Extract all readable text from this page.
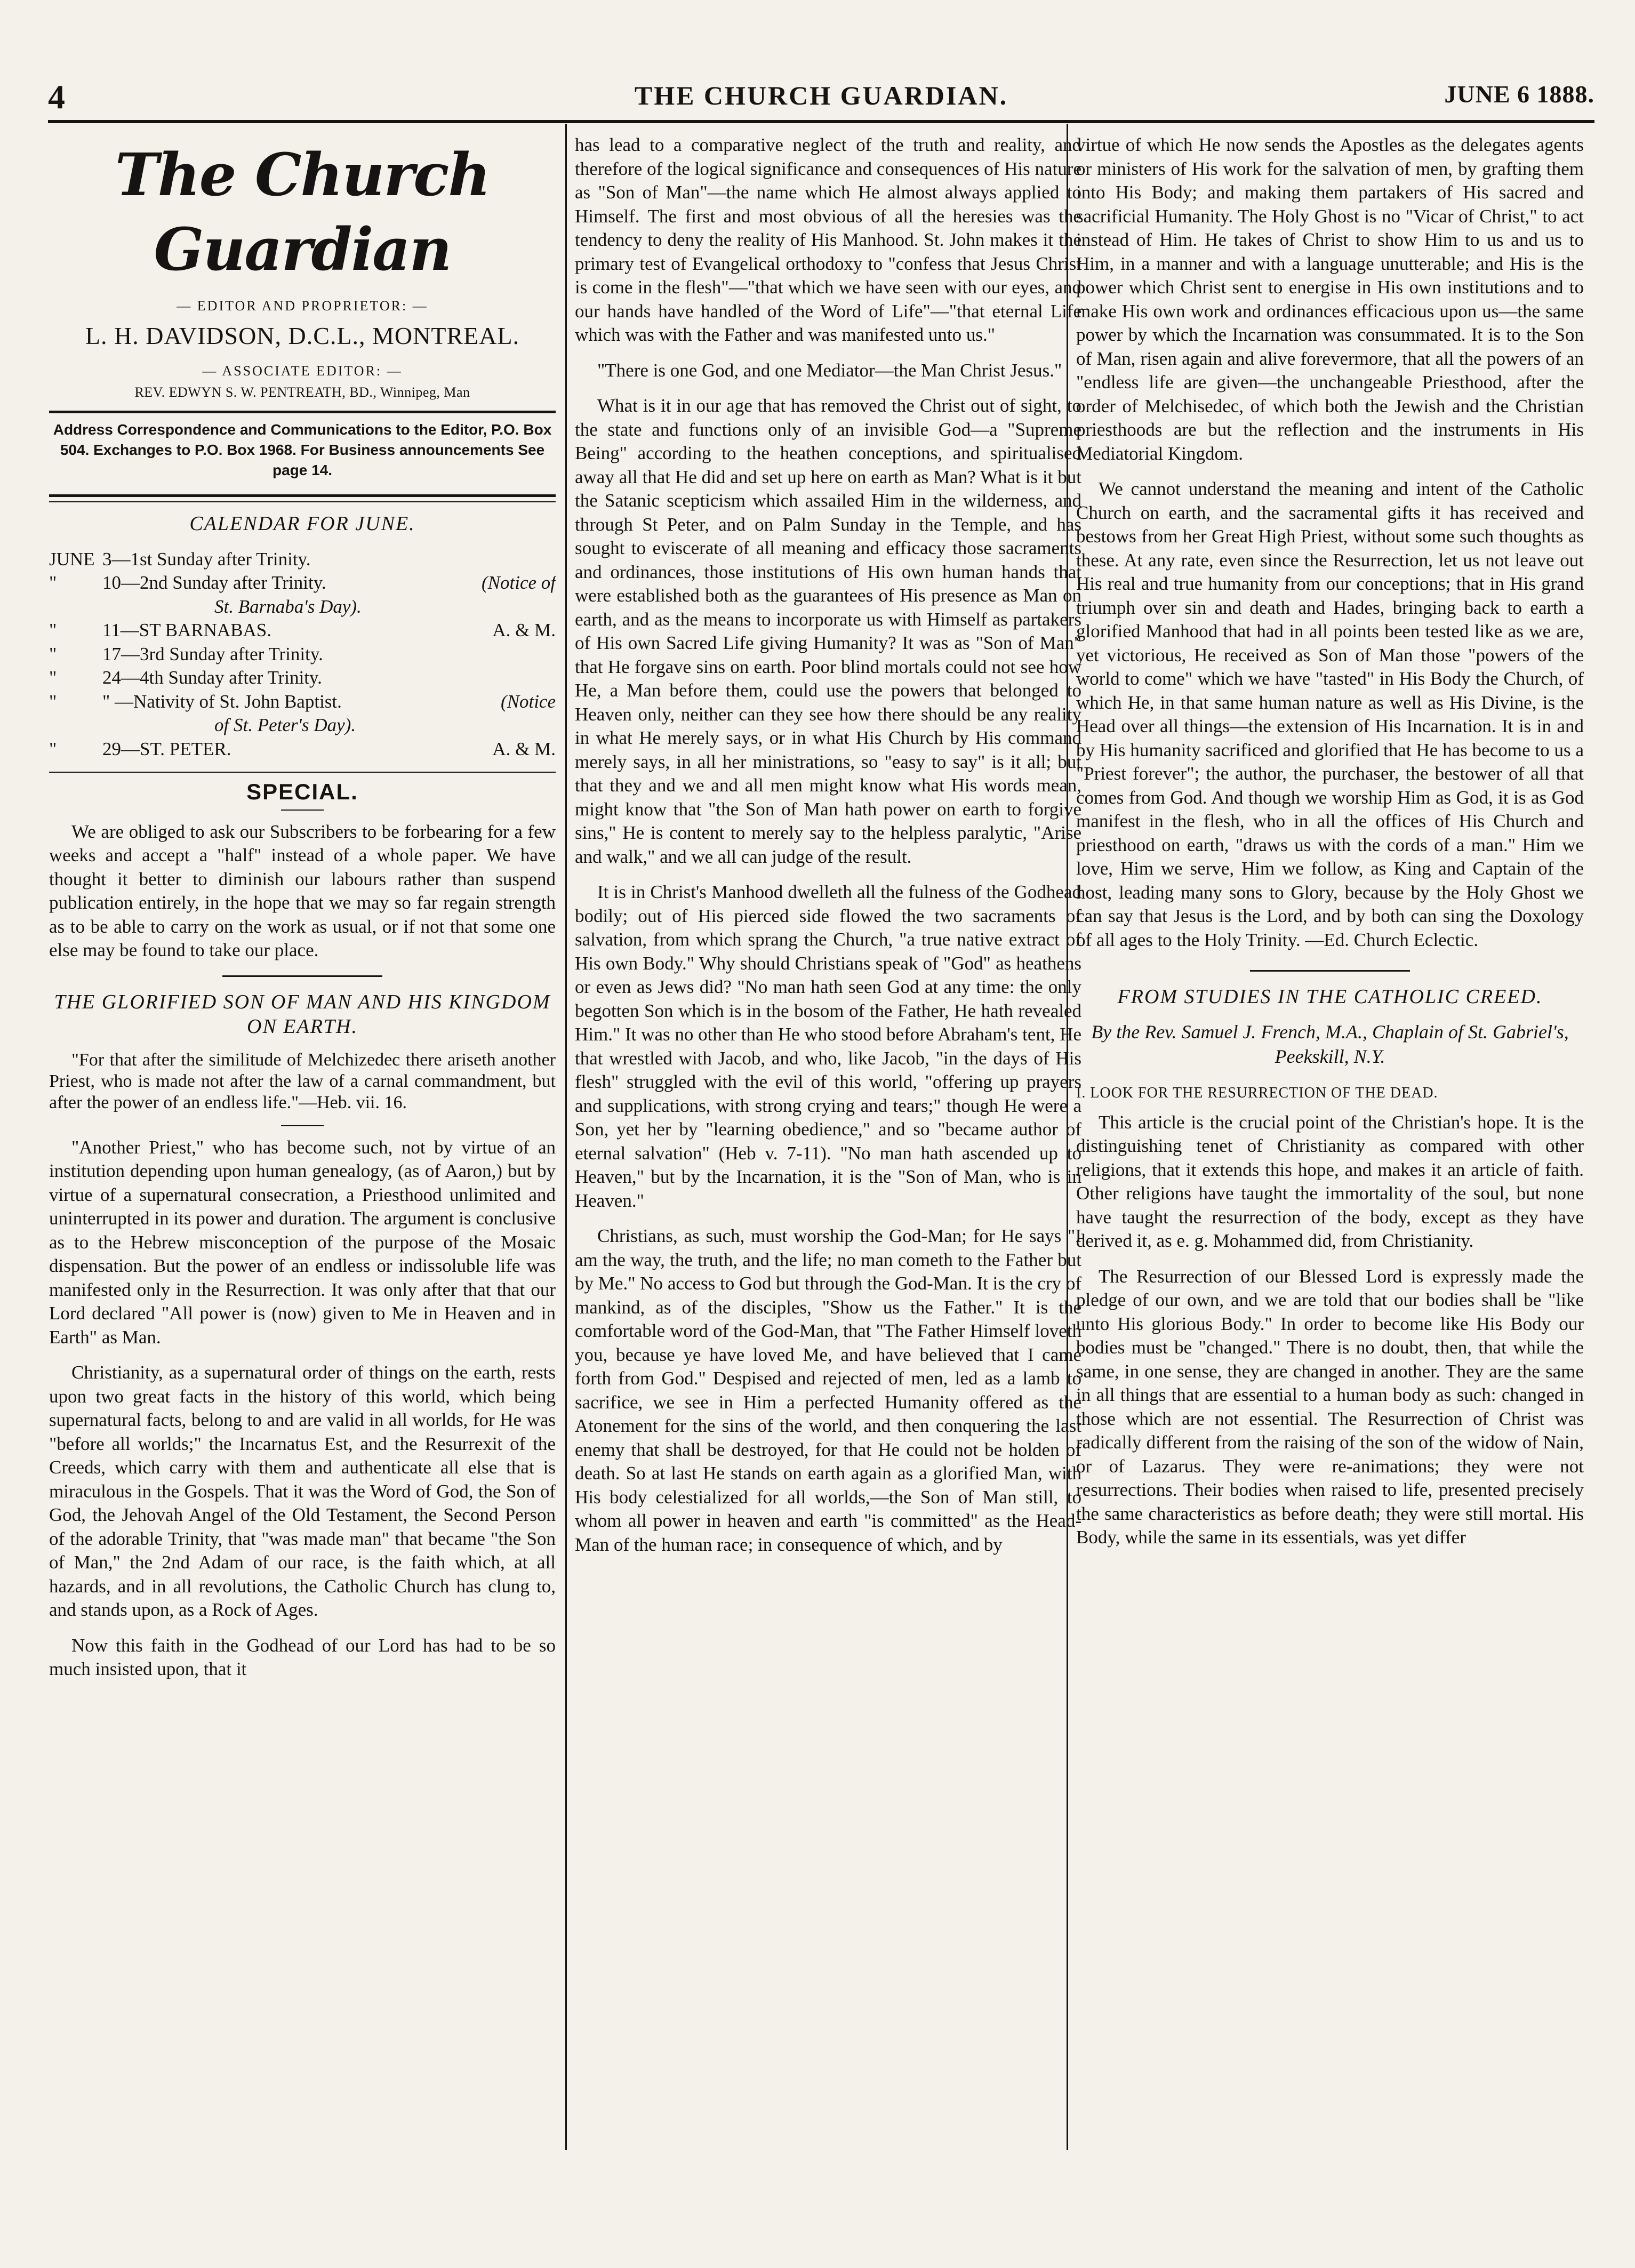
4	THE CHURCH GUARDIAN.	JUNE 6 1888.
The Church Guardian
— EDITOR AND PROPRIETOR: —
L. H. DAVIDSON, D.C.L., MONTREAL.
— ASSOCIATE EDITOR: —
REV. EDWYN S. W. PENTREATH, BD., Winnipeg, Man
Address Correspondence and Communications to the Editor, P.O. Box 504. Exchanges to P.O. Box 1968. For Business announcements See page 14.
CALENDAR FOR JUNE.
JUNE 3—1st Sunday after Trinity.
" 10—2nd Sunday after Trinity.	(Notice of
St. Barnaba's Day).
" 11—ST BARNABAS.	A. & M.
" 17—3rd Sunday after Trinity.
" 24—4th Sunday after Trinity.
" " —Nativity of St. John Baptist.	(Notice
of St. Peter's Day).
" 29—ST. PETER.	A. & M.
SPECIAL.

We are obliged to ask our Subscribers to be forbearing for a few weeks and accept a "half" instead of a whole paper. We have thought it better to diminish our labours rather than suspend publication entirely, in the hope that we may so far regain strength as to be able to carry on the work as usual, or if not that some one else may be found to take our place.

THE GLORIFIED SON OF MAN AND HIS KINGDOM ON EARTH.
"For that after the similitude of Melchizedec there ariseth another Priest, who is made not after the law of a carnal commandment, but after the power of an endless life."—Heb. vii. 16.

"Another Priest," who has become such, not by virtue of an institution depending upon human genealogy, (as of Aaron,) but by virtue of a supernatural consecration, a Priesthood unlimited and uninterrupted in its power and duration. The argument is conclusive as to the Hebrew misconception of the purpose of the Mosaic dispensation. But the power of an endless or indissoluble life was manifested only in the Resurrection. It was only after that that our Lord declared "All power is (now) given to Me in Heaven and in Earth" as Man.

Christianity, as a supernatural order of things on the earth, rests upon two great facts in the history of this world, which being supernatural facts, belong to and are valid in all worlds, for He was "before all worlds;" the Incarnatus Est, and the Resurrexit of the Creeds, which carry with them and authenticate all else that is miraculous in the Gospels. That it was the Word of God, the Son of God, the Jehovah Angel of the Old Testament, the Second Person of the adorable Trinity, that "was made man" that became "the Son of Man," the 2nd Adam of our race, is the faith which, at all hazards, and in all revolutions, the Catholic Church has clung to, and stands upon, as a Rock of Ages.

Now this faith in the Godhead of our Lord has had to be so much insisted upon, that it

has lead to a comparative neglect of the truth and reality, and therefore of the logical significance and consequences of His nature as "Son of Man"—the name which He almost always applied to Himself. The first and most obvious of all the heresies was the tendency to deny the reality of His Manhood. St. John makes it the primary test of Evangelical orthodoxy to "confess that Jesus Christ is come in the flesh"—"that which we have seen with our eyes, and our hands have handled of the Word of Life"—"that eternal Life which was with the Father and was manifested unto us."

"There is one God, and one Mediator—the Man Christ Jesus."

What is it in our age that has removed the Christ out of sight, to the state and functions only of an invisible God—a "Supreme Being" according to the heathen conceptions, and spiritualised away all that He did and set up here on earth as Man? What is it but the Satanic scepticism which assailed Him in the wilderness, and through St Peter, and on Palm Sunday in the Temple, and has sought to eviscerate of all meaning and efficacy those sacraments and ordinances, those institutions of His own human hands that were established both as the guarantees of His presence as Man on earth, and as the means to incorporate us with Himself as partakers of His own Sacred Life giving Humanity? It was as "Son of Man" that He forgave sins on earth. Poor blind mortals could not see how He, a Man before them, could use the powers that belonged to Heaven only, neither can they see how there should be any reality in what He merely says, or in what His Church by His command merely says, in all her ministrations, so "easy to say" is it all; but that they and we and all men might know what His words mean, might know that "the Son of Man hath power on earth to forgive sins," He is content to merely say to the helpless paralytic, "Arise and walk," and we all can judge of the result.

It is in Christ's Manhood dwelleth all the fulness of the Godhead bodily; out of His pierced side flowed the two sacraments of salvation, from which sprang the Church, "a true native extract of His own Body." Why should Christians speak of "God" as heathens or even as Jews did? "No man hath seen God at any time: the only begotten Son which is in the bosom of the Father, He hath revealed Him." It was no other than He who stood before Abraham's tent, He that wrestled with Jacob, and who, like Jacob, "in the days of His flesh" struggled with the evil of this world, "offering up prayers and supplications, with strong crying and tears;" though He were a Son, yet her by "learning obedience," and so "became author of eternal salvation" (Heb v. 7-11). "No man hath ascended up to Heaven," but by the Incarnation, it is the "Son of Man, who is in Heaven."

Christians, as such, must worship the God-Man; for He says "I am the way, the truth, and the life; no man cometh to the Father but by Me." No access to God but through the God-Man. It is the cry of mankind, as of the disciples, "Show us the Father." It is the comfortable word of the God-Man, that "The Father Himself loveth you, because ye have loved Me, and have believed that I came forth from God." Despised and rejected of men, led as a lamb to sacrifice, we see in Him a perfected Humanity offered as the Atonement for the sins of the world, and then conquering the last enemy that shall be destroyed, for that He could not be holden of death. So at last He stands on earth again as a glorified Man, with His body celestialized for all worlds,—the Son of Man still, to whom all power in heaven and earth "is committed" as the Head-Man of the human race; in consequence of which, and by

virtue of which He now sends the Apostles as the delegates agents or ministers of His work for the salvation of men, by grafting them into His Body; and making them partakers of His sacred and sacrificial Humanity. The Holy Ghost is no "Vicar of Christ," to act instead of Him. He takes of Christ to show Him to us and us to Him, in a manner and with a language unutterable; and His is the power which Christ sent to energise in His own institutions and to make His own work and ordinances efficacious upon us—the same power by which the Incarnation was consummated. It is to the Son of Man, risen again and alive forevermore, that all the powers of an "endless life are given—the unchangeable Priesthood, after the order of Melchisedec, of which both the Jewish and the Christian priesthoods are but the reflection and the instruments in His Mediatorial Kingdom.

We cannot understand the meaning and intent of the Catholic Church on earth, and the sacramental gifts it has received and bestows from her Great High Priest, without some such thoughts as these. At any rate, even since the Resurrection, let us not leave out His real and true humanity from our conceptions; that in His grand triumph over sin and death and Hades, bringing back to earth a glorified Manhood that had in all points been tested like as we are, yet victorious, He received as Son of Man those "powers of the world to come" which we have "tasted" in His Body the Church, of which He, in that same human nature as well as His Divine, is the Head over all things—the extension of His Incarnation. It is in and by His humanity sacrificed and glorified that He has become to us a "Priest forever"; the author, the purchaser, the bestower of all that comes from God. And though we worship Him as God, it is as God manifest in the flesh, who in all the offices of His Church and priesthood on earth, "draws us with the cords of a man." Him we love, Him we serve, Him we follow, as King and Captain of the host, leading many sons to Glory, because by the Holy Ghost we can say that Jesus is the Lord, and by both can sing the Doxology of all ages to the Holy Trinity. —Ed. Church Eclectic.

FROM STUDIES IN THE CATHOLIC CREED.
By the Rev. Samuel J. French, M.A., Chaplain of St. Gabriel's, Peekskill, N.Y.
I. LOOK FOR THE RESURRECTION OF THE DEAD.

This article is the crucial point of the Christian's hope. It is the distinguishing tenet of Christianity as compared with other religions, that it extends this hope, and makes it an article of faith. Other religions have taught the immortality of the soul, but none have taught the resurrection of the body, except as they have derived it, as e. g. Mohammed did, from Christianity.

The Resurrection of our Blessed Lord is expressly made the pledge of our own, and we are told that our bodies shall be "like unto His glorious Body." In order to become like His Body our bodies must be "changed." There is no doubt, then, that while the same, in one sense, they are changed in another. They are the same in all things that are essential to a human body as such: changed in those which are not essential. The Resurrection of Christ was radically different from the raising of the son of the widow of Nain, or of Lazarus. They were re-animations; they were not resurrections. Their bodies when raised to life, presented precisely the same characteristics as before death; they were still mortal. His Body, while the same in its essentials, was yet differ
